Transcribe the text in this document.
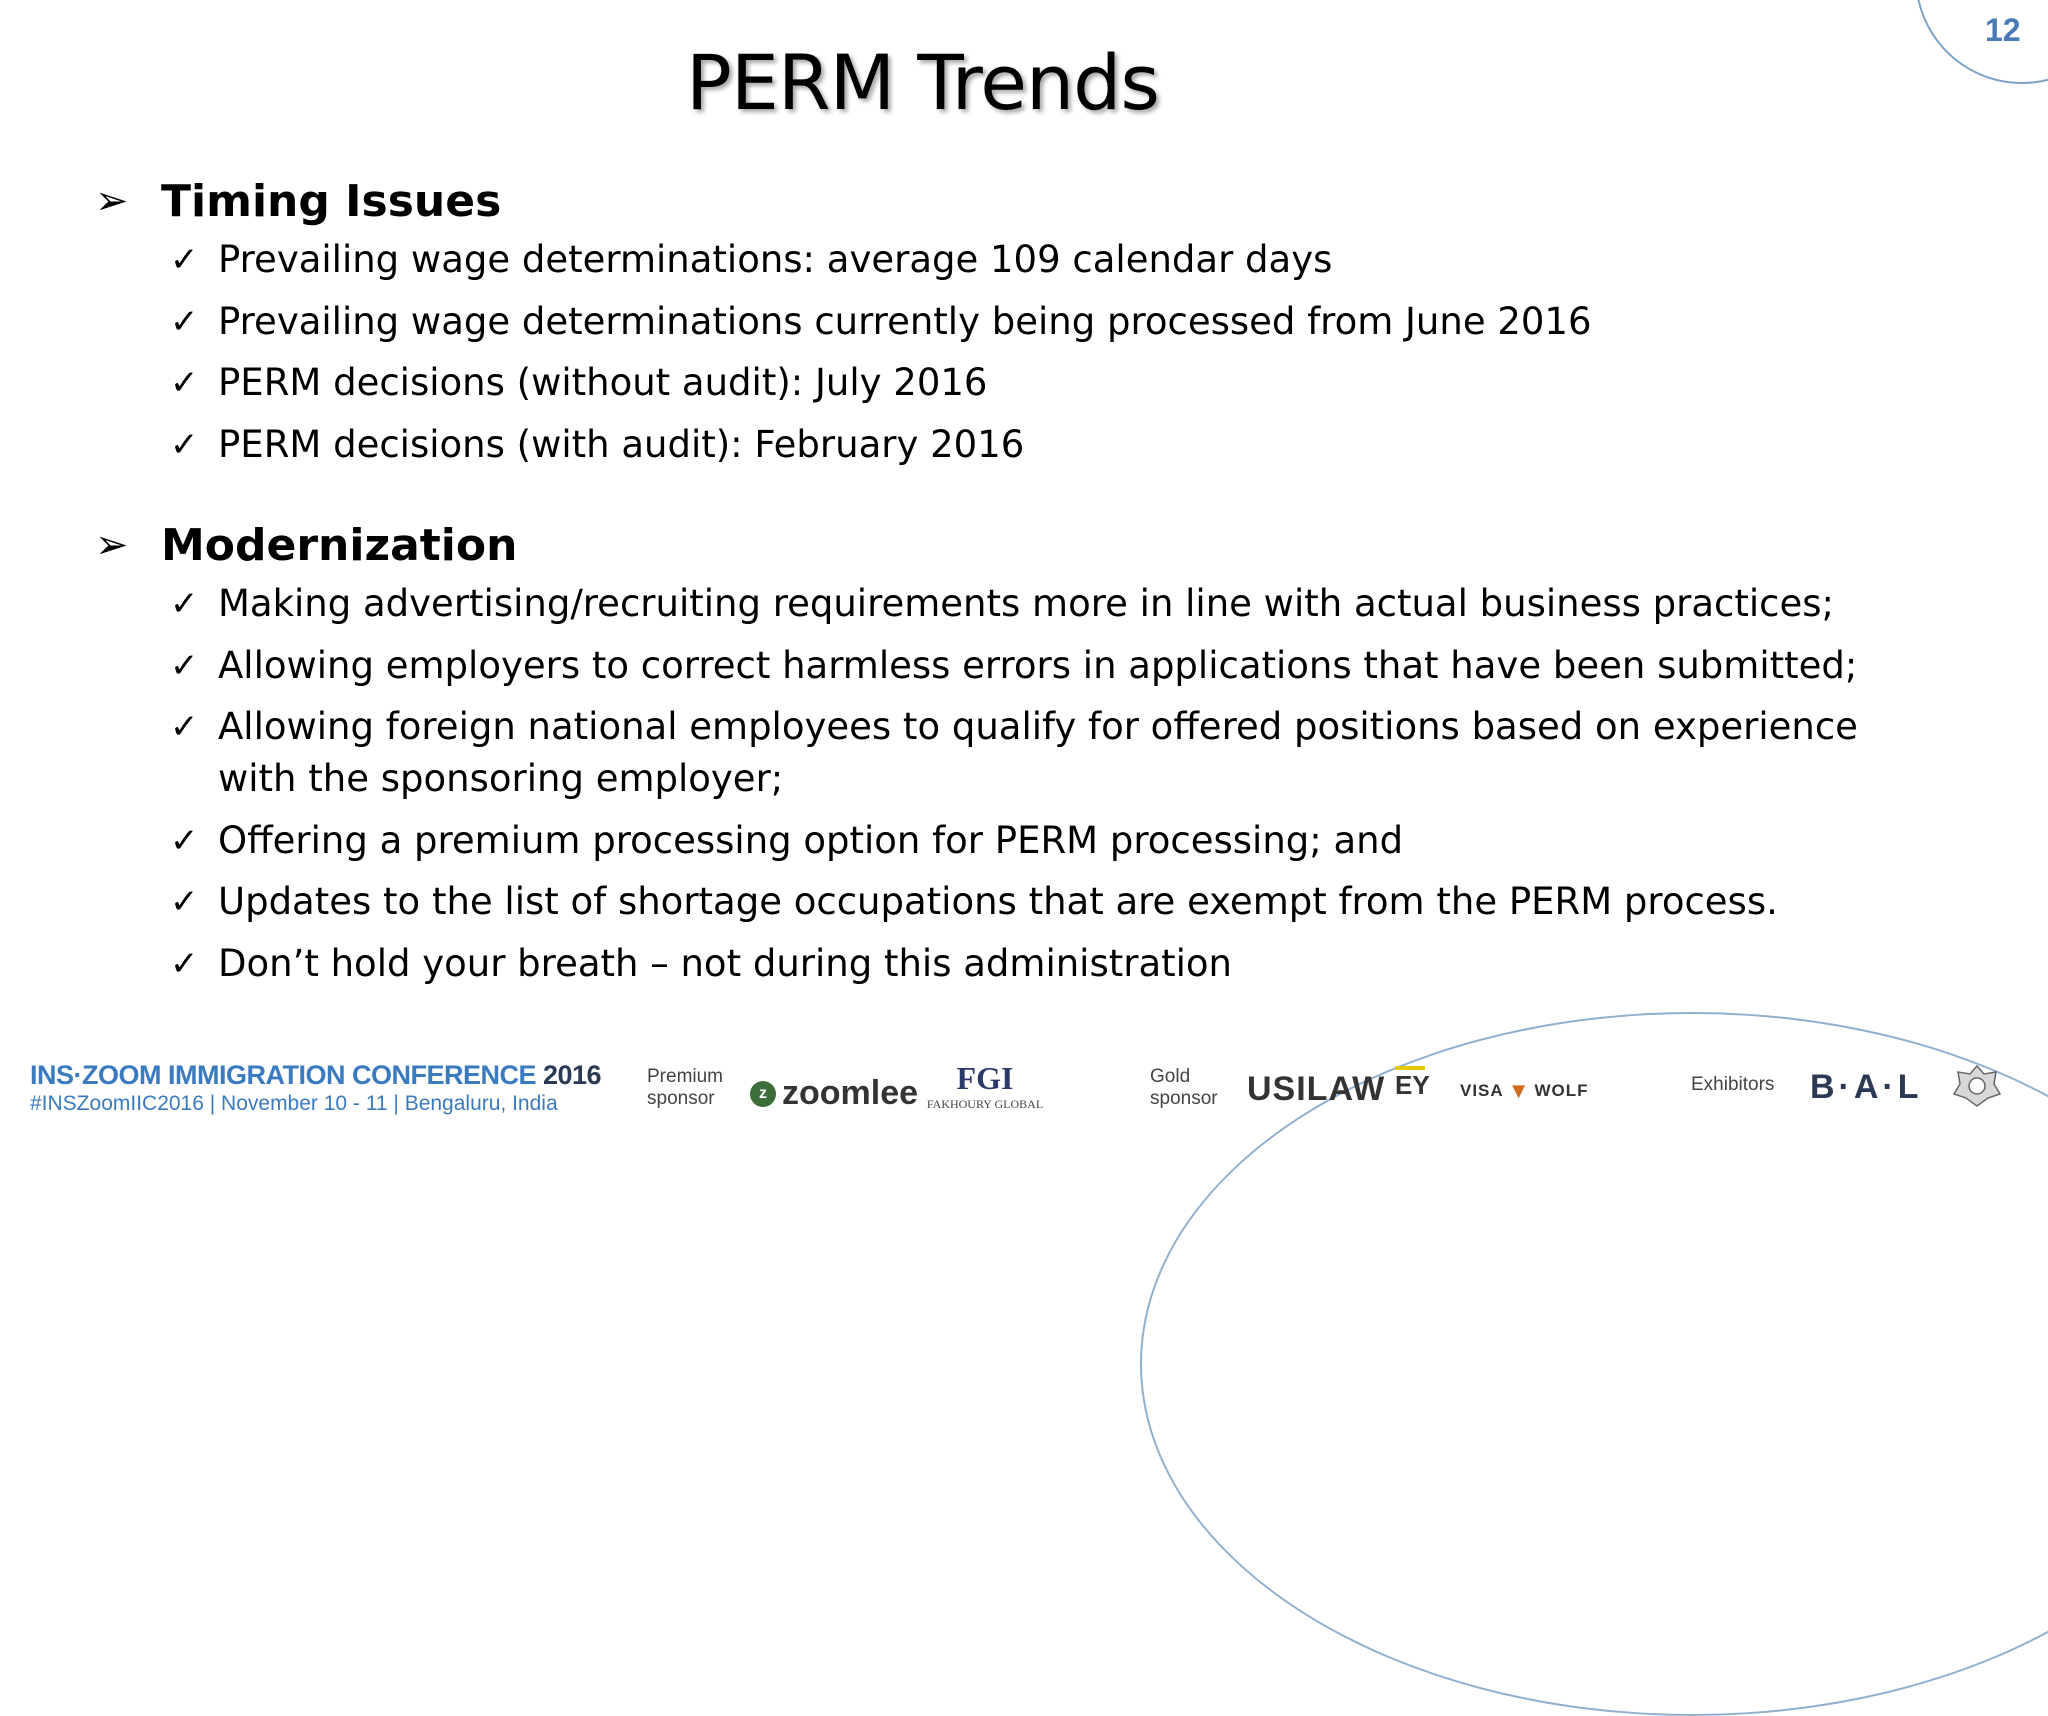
12
PERM Trends
➢ Timing Issues
✓ Prevailing wage determinations: average 109 calendar days
✓ Prevailing wage determinations currently being processed from June 2016
✓ PERM decisions (without audit): July 2016
✓ PERM decisions (with audit): February 2016
➢ Modernization
✓ Making advertising/recruiting requirements more in line with actual business practices;
✓ Allowing employers to correct harmless errors in applications that have been submitted;
✓ Allowing foreign national employees to qualify for offered positions based on experience with the sponsoring employer;
✓ Offering a premium processing option for PERM processing; and
✓ Updates to the list of shortage occupations that are exempt from the PERM process.
✓ Don’t hold your breath – not during this administration
INS·ZOOM IMMIGRATION CONFERENCE 2016
#INSZoomIIC2016 | November 10 - 11 | Bengaluru, India
Premium
sponsor	z zoomlee	FGI
FAKHOURY GLOBAL
Gold
sponsor USILAW EY VISA ▼ WOLF	Exhibitors B·A·L
